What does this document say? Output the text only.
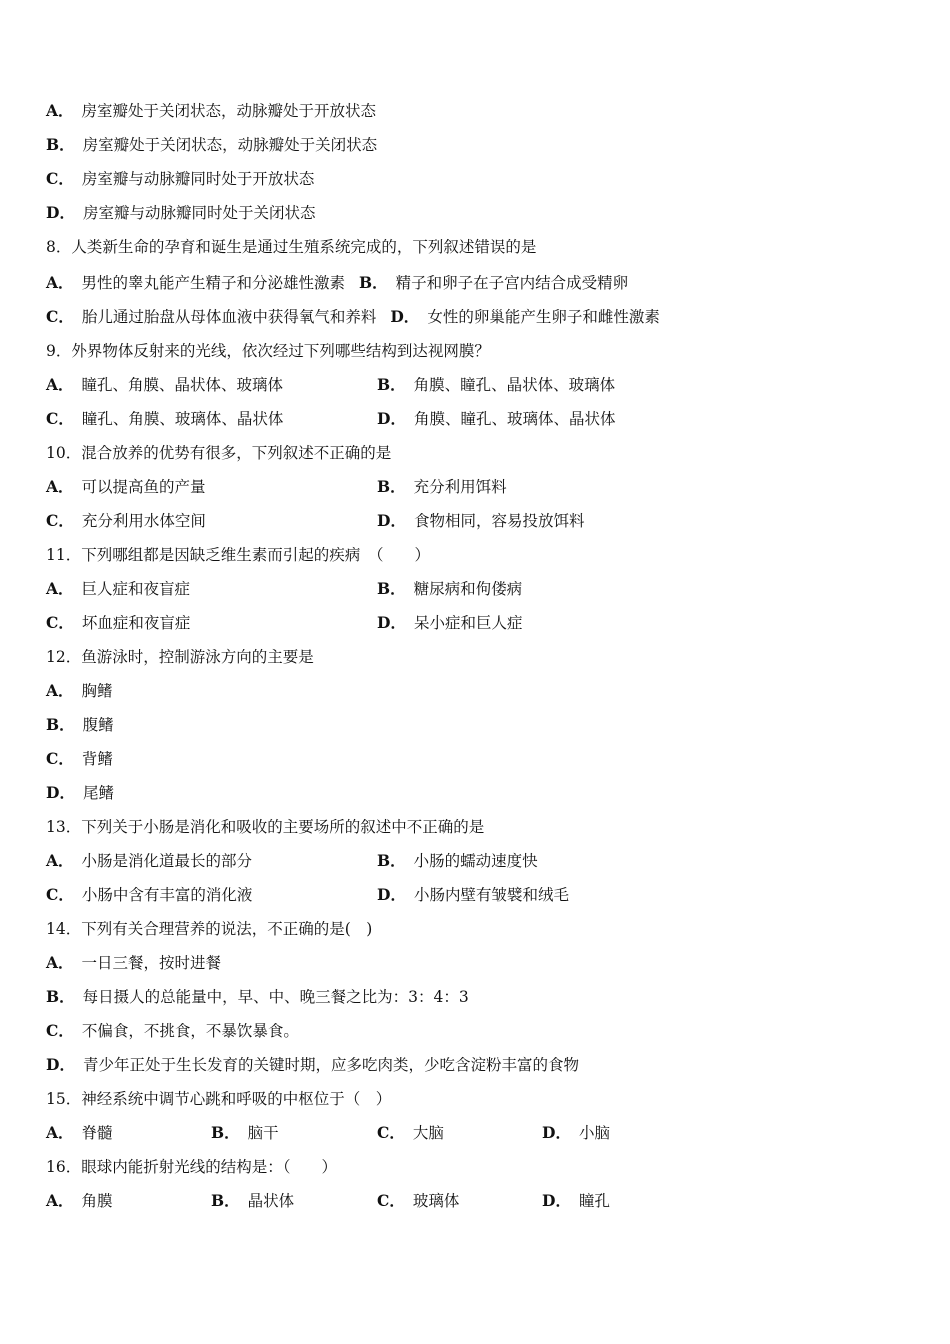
A． 房室瓣处于关闭状态，动脉瓣处于开放状态
B． 房室瓣处于关闭状态，动脉瓣处于关闭状态
C． 房室瓣与动脉瓣同时处于开放状态
D． 房室瓣与动脉瓣同时处于关闭状态
8．人类新生命的孕育和诞生是通过生殖系统完成的，下列叙述错误的是
A． 男性的睾丸能产生精子和分泌雄性激素 B． 精子和卵子在子宫内结合成受精卵
C． 胎儿通过胎盘从母体血液中获得氧气和养料 D． 女性的卵巢能产生卵子和雌性激素
9．外界物体反射来的光线，依次经过下列哪些结构到达视网膜？
A． 瞳孔、角膜、晶状体、玻璃体	B． 角膜、瞳孔、晶状体、玻璃体
C． 瞳孔、角膜、玻璃体、晶状体	D． 角膜、瞳孔、玻璃体、晶状体
10．混合放养的优势有很多，下列叙述不正确的是
A． 可以提高鱼的产量	B． 充分利用饵料
C． 充分利用水体空间	D． 食物相同，容易投放饵料
11．下列哪组都是因缺乏维生素而引起的疾病　（　　）
A． 巨人症和夜盲症	B． 糖尿病和佝偻病
C． 坏血症和夜盲症	D． 呆小症和巨人症
12．鱼游泳时，控制游泳方向的主要是
A． 胸鳍
B． 腹鳍
C． 背鳍
D． 尾鳍
13．下列关于小肠是消化和吸收的主要场所的叙述中不正确的是
A． 小肠是消化道最长的部分	B． 小肠的蠕动速度快
C． 小肠中含有丰富的消化液	D． 小肠内壁有皱襞和绒毛
14．下列有关合理营养的说法，不正确的是(　)
A． 一日三餐，按时进餐
B． 每日摄人的总能量中，早、中、晚三餐之比为：3：4：3
C． 不偏食，不挑食，不暴饮暴食。
D． 青少年正处于生长发育的关键时期，应多吃肉类，少吃含淀粉丰富的食物
15．神经系统中调节心跳和呼吸的中枢位于（　）
A． 脊髓	B． 脑干	C． 大脑	D． 小脑
16．眼球内能折射光线的结构是：（　　）
A． 角膜	B． 晶状体	C． 玻璃体	D． 瞳孔
